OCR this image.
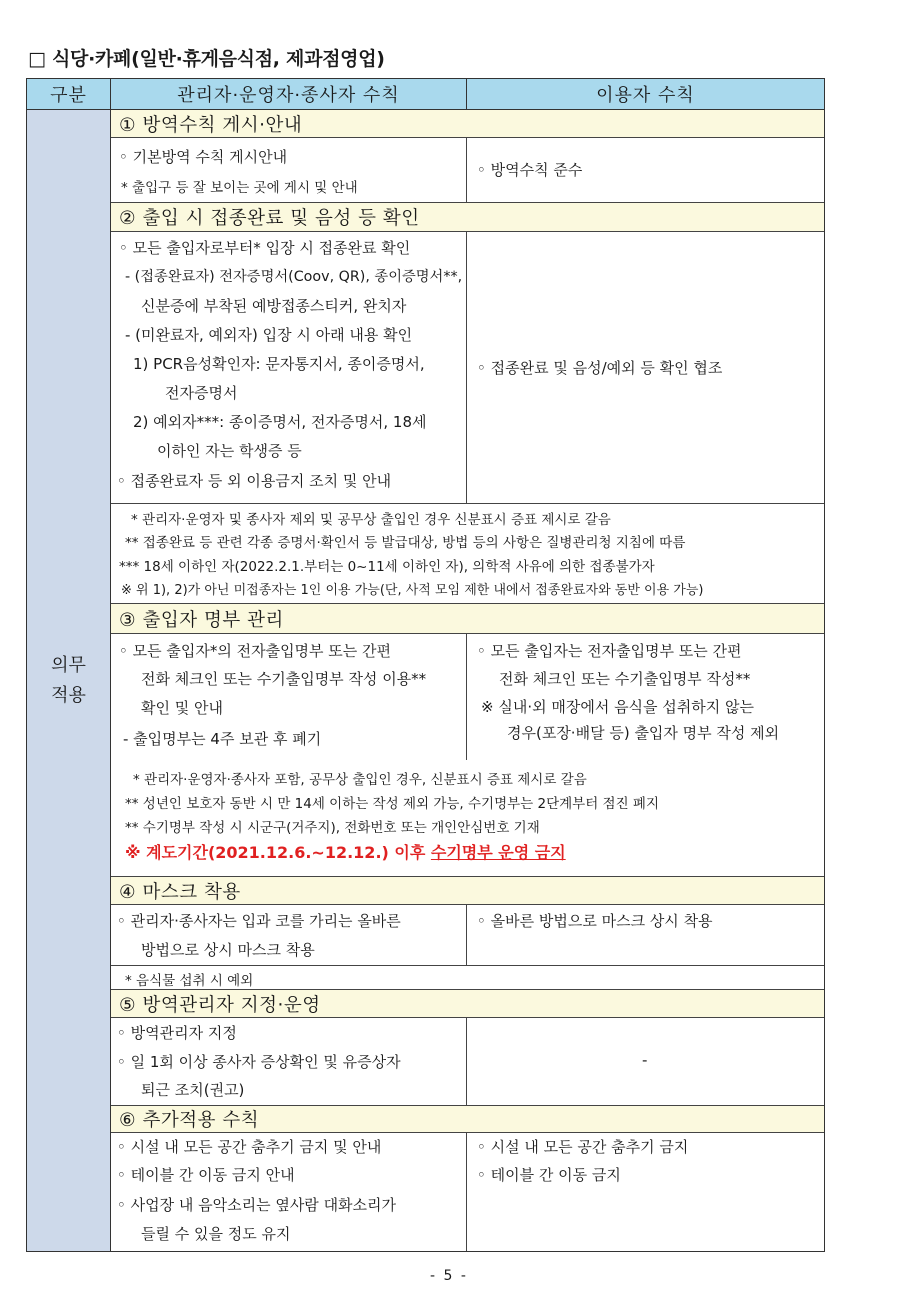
□ 식당·카페(일반·휴게음식점, 제과점영업)
구분	관리자·운영자·종사자 수칙	이용자 수칙
의무
적용
① 방역수칙 게시·안내
◦ 기본방역 수칙 게시안내
* 출입구 등 잘 보이는 곳에 게시 및 안내
◦ 방역수칙 준수
② 출입 시 접종완료 및 음성 등 확인
◦ 모든 출입자로부터* 입장 시 접종완료 확인
- (접종완료자) 전자증명서(Coov, QR), 종이증명서**,
신분증에 부착된 예방접종스티커, 완치자
- (미완료자, 예외자) 입장 시 아래 내용 확인
1) PCR음성확인자: 문자통지서, 종이증명서,
전자증명서
2) 예외자***: 종이증명서, 전자증명서, 18세
이하인 자는 학생증 등
◦ 접종완료자 등 외 이용금지 조치 및 안내
◦ 접종완료 및 음성/예외 등 확인 협조
* 관리자·운영자 및 종사자 제외 및 공무상 출입인 경우 신분표시 증표 제시로 갈음
** 접종완료 등 관련 각종 증명서·확인서 등 발급대상, 방법 등의 사항은 질병관리청 지침에 따름
*** 18세 이하인 자(2022.2.1.부터는 0~11세 이하인 자), 의학적 사유에 의한 접종불가자
※ 위 1), 2)가 아닌 미접종자는 1인 이용 가능(단, 사적 모임 제한 내에서 접종완료자와 동반 이용 가능)
③ 출입자 명부 관리
◦ 모든 출입자*의 전자출입명부 또는 간편
전화 체크인 또는 수기출입명부 작성 이용**
확인 및 안내
- 출입명부는 4주 보관 후 폐기
◦ 모든 출입자는 전자출입명부 또는 간편
전화 체크인 또는 수기출입명부 작성**
※ 실내·외 매장에서 음식을 섭취하지 않는
경우(포장·배달 등) 출입자 명부 작성 제외
* 관리자·운영자·종사자 포함, 공무상 출입인 경우, 신분표시 증표 제시로 갈음
** 성년인 보호자 동반 시 만 14세 이하는 작성 제외 가능, 수기명부는 2단계부터 점진 폐지
** 수기명부 작성 시 시군구(거주지), 전화번호 또는 개인안심번호 기재
※ 계도기간(2021.12.6.~12.12.) 이후 수기명부 운영 금지
④ 마스크 착용
◦ 관리자·종사자는 입과 코를 가리는 올바른
방법으로 상시 마스크 착용
◦ 올바른 방법으로 마스크 상시 착용
* 음식물 섭취 시 예외
⑤ 방역관리자 지정·운영
◦ 방역관리자 지정
◦ 일 1회 이상 종사자 증상확인 및 유증상자
퇴근 조치(권고)
-
⑥ 추가적용 수칙
◦ 시설 내 모든 공간 춤추기 금지 및 안내
◦ 테이블 간 이동 금지 안내
◦ 사업장 내 음악소리는 옆사람 대화소리가
들릴 수 있을 정도 유지
◦ 시설 내 모든 공간 춤추기 금지
◦ 테이블 간 이동 금지
- 5 -
